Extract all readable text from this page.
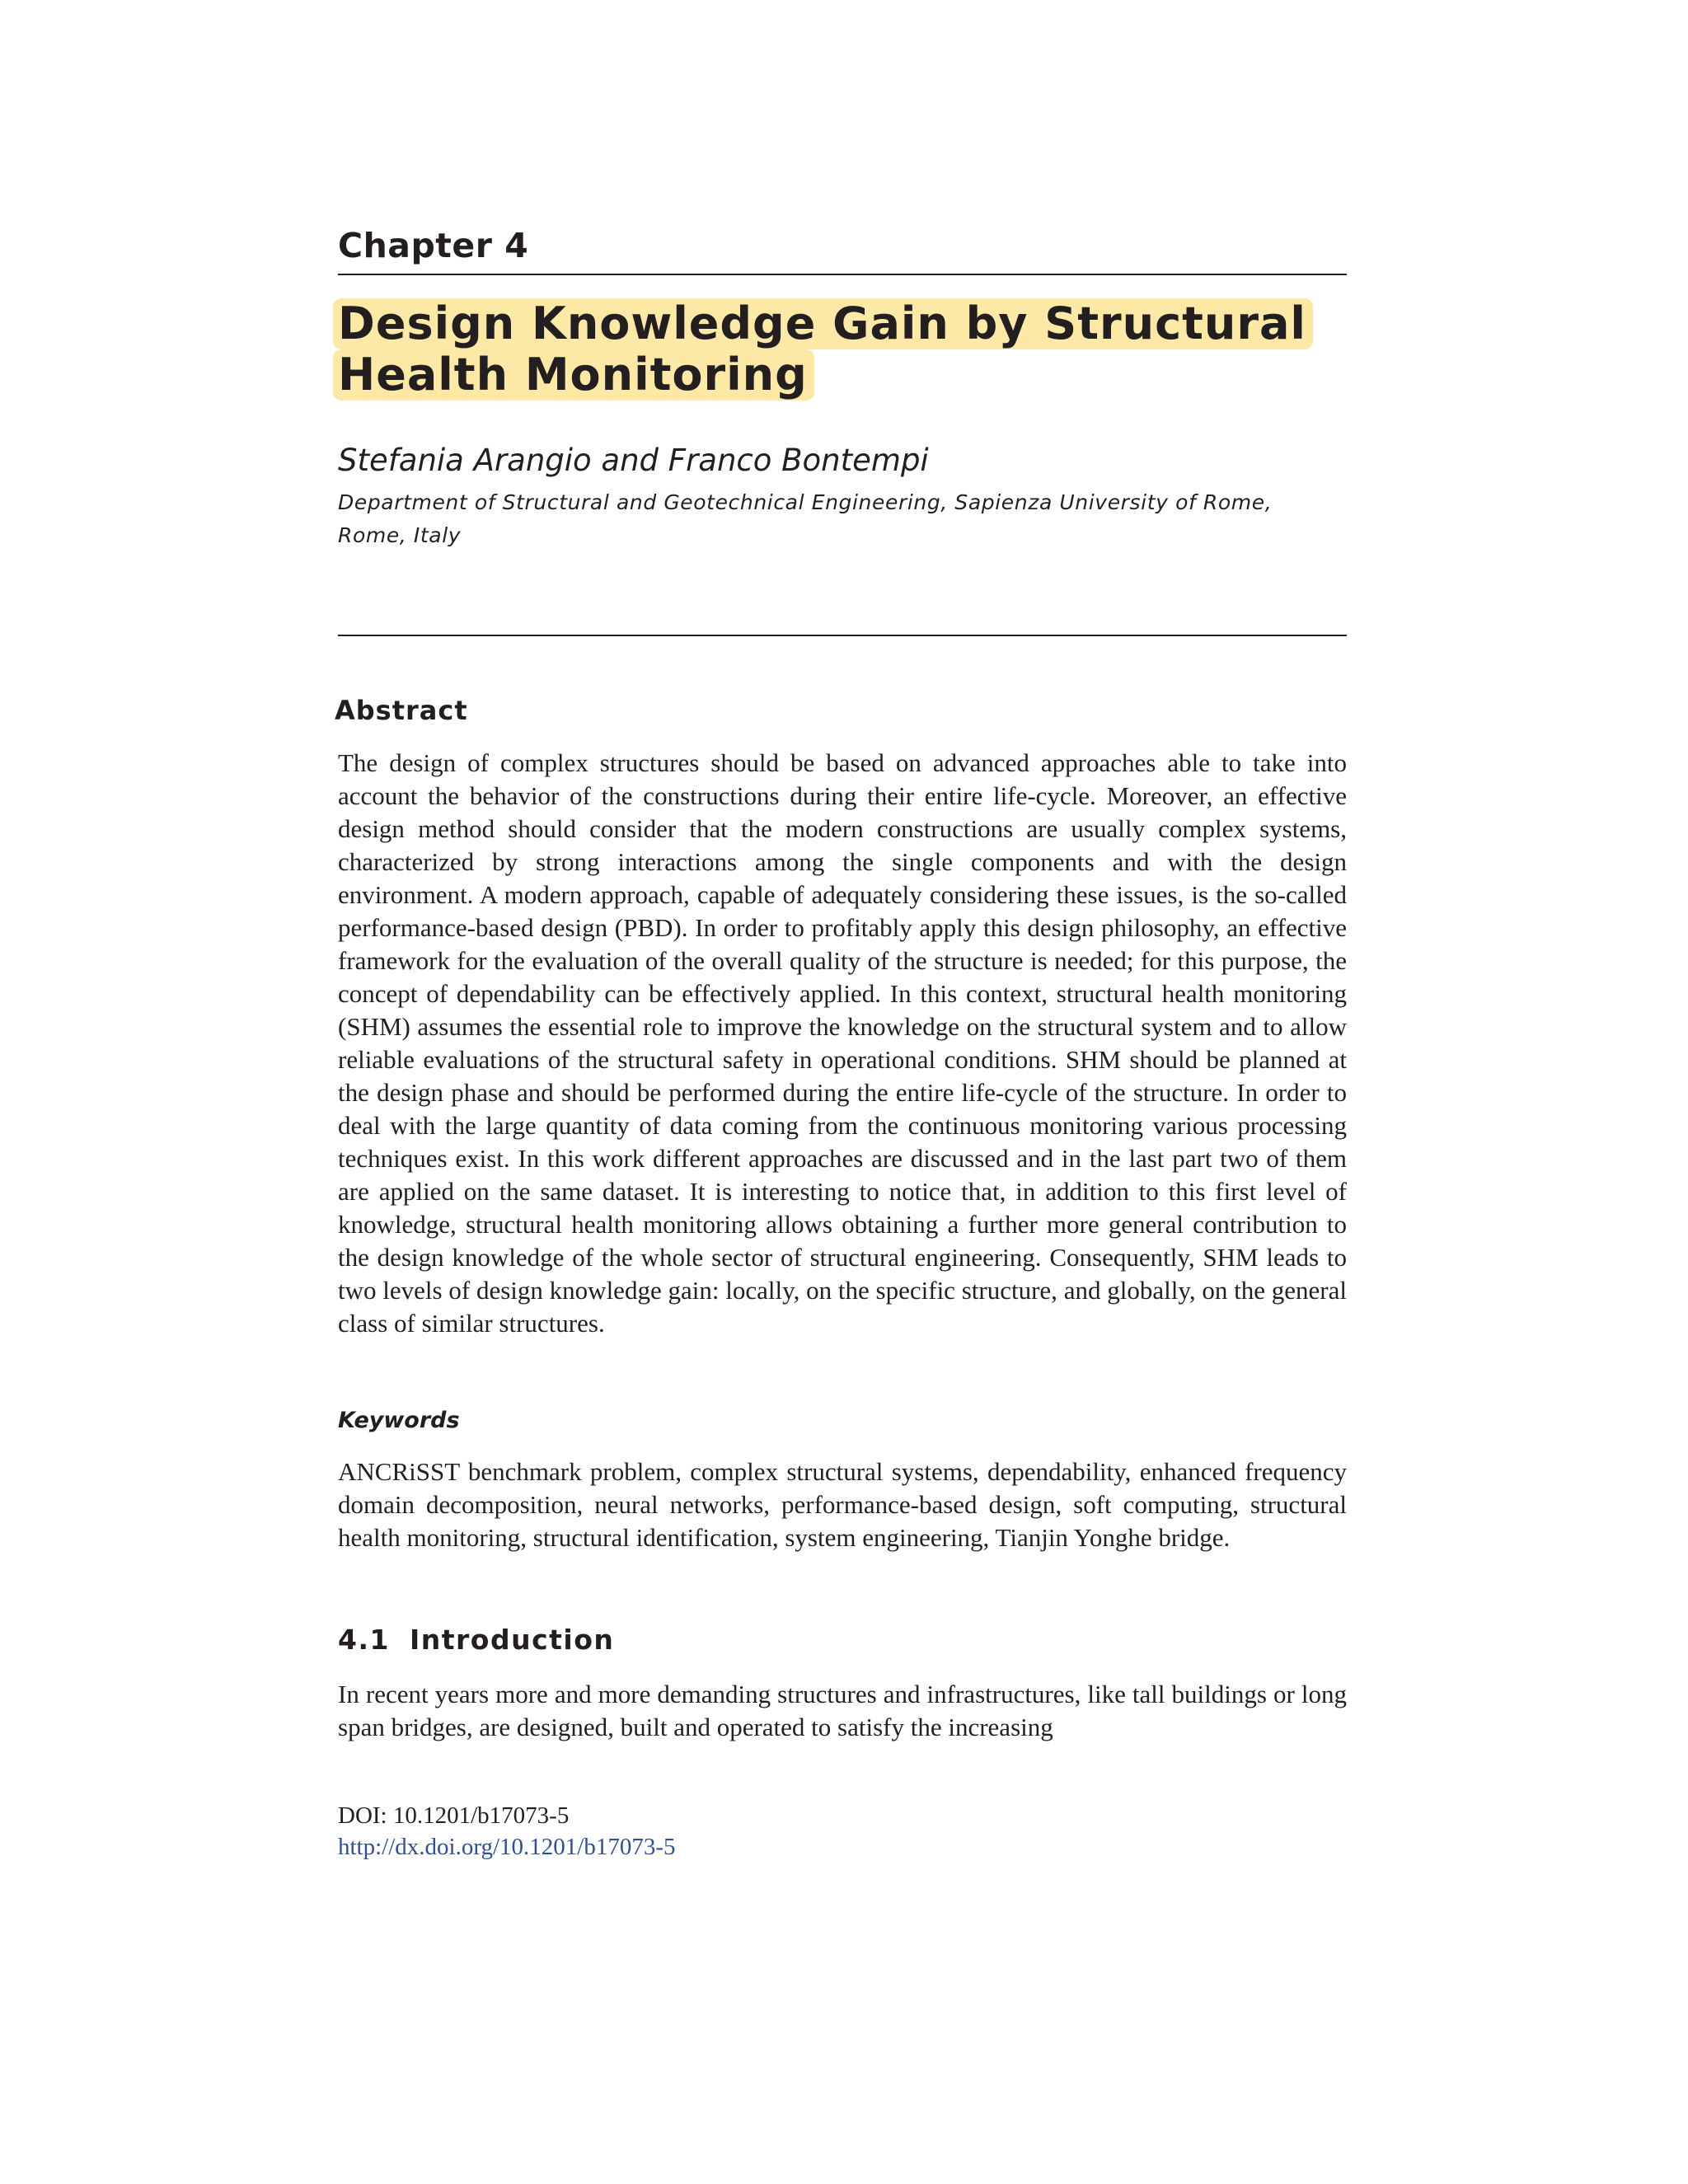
Chapter 4
Design Knowledge Gain by Structural
Health Monitoring

Stefania Arangio and Franco Bontempi

Department of Structural and Geotechnical Engineering, Sapienza University of Rome, Rome, Italy

Abstract

The design of complex structures should be based on advanced approaches able to take into account the behavior of the constructions during their entire life-cycle. Moreover, an effective design method should consider that the modern constructions are usually complex systems, characterized by strong interactions among the single components and with the design environment. A modern approach, capable of adequately considering these issues, is the so-called performance-based design (PBD). In order to profitably apply this design philosophy, an effective framework for the evaluation of the overall quality of the structure is needed; for this purpose, the concept of dependability can be effectively applied. In this context, structural health monitoring (SHM) assumes the essential role to improve the knowledge on the structural system and to allow reliable evaluations of the structural safety in operational conditions. SHM should be planned at the design phase and should be performed during the entire life-cycle of the structure. In order to deal with the large quantity of data coming from the continuous monitoring various processing techniques exist. In this work different approaches are discussed and in the last part two of them are applied on the same dataset. It is interesting to notice that, in addition to this first level of knowledge, structural health monitoring allows obtaining a further more general contribution to the design knowledge of the whole sector of structural engineering. Consequently, SHM leads to two levels of design knowledge gain: locally, on the specific structure, and globally, on the general class of similar structures.

Keywords

ANCRiSST benchmark problem, complex structural systems, dependability, enhanced frequency domain decomposition, neural networks, performance-based design, soft computing, structural health monitoring, structural identification, system engineering, Tianjin Yonghe bridge.

4.1 Introduction

In recent years more and more demanding structures and infrastructures, like tall buildings or long span bridges, are designed, built and operated to satisfy the increasing

DOI: 10.1201/b17073-5
http://dx.doi.org/10.1201/b17073-5
